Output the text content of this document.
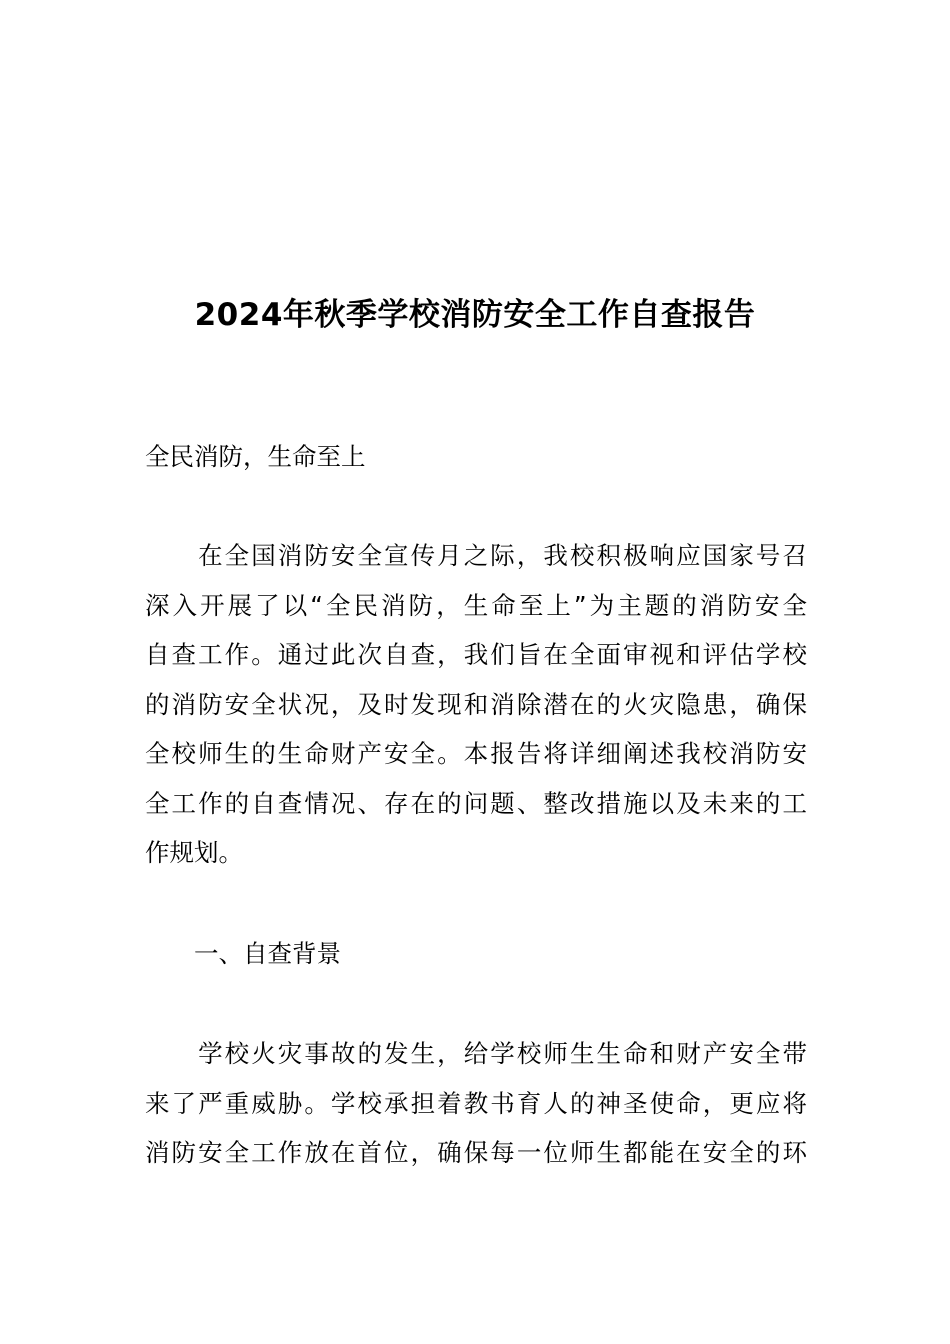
2024年秋季学校消防安全工作自查报告

全民消防，生命至上

　　在全国消防安全宣传月之际，我校积极响应国家号召
深入开展了以“全民消防，生命至上”为主题的消防安全
自查工作。通过此次自查，我们旨在全面审视和评估学校
的消防安全状况，及时发现和消除潜在的火灾隐患，确保
全校师生的生命财产安全。本报告将详细阐述我校消防安
全工作的自查情况、存在的问题、整改措施以及未来的工
作规划。

　　一、自查背景

　　学校火灾事故的发生，给学校师生生命和财产安全带
来了严重威胁。学校承担着教书育人的神圣使命，更应将
消防安全工作放在首位，确保每一位师生都能在安全的环
